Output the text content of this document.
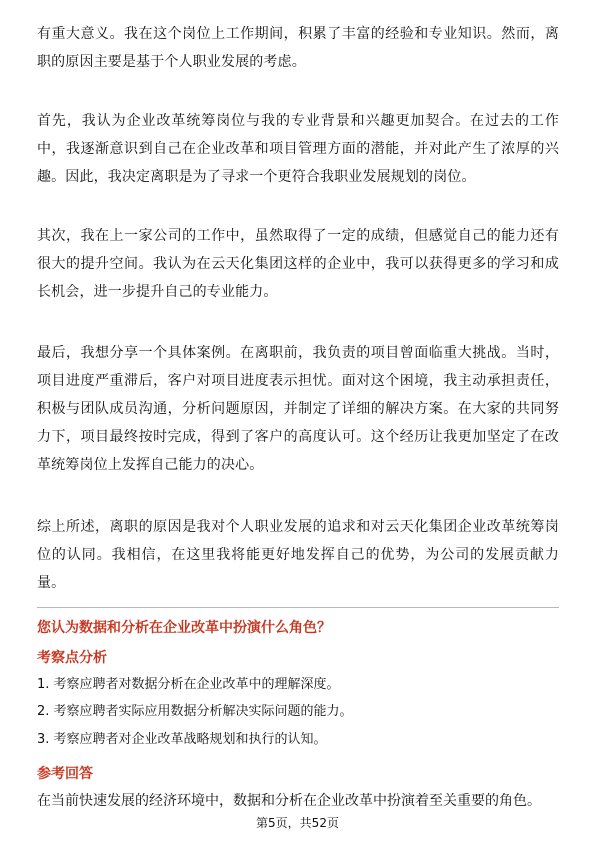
有重大意义。我在这个岗位上工作期间，积累了丰富的经验和专业知识。然而，离职的原因主要是基于个人职业发展的考虑。

首先，我认为企业改革统筹岗位与我的专业背景和兴趣更加契合。在过去的工作中，我逐渐意识到自己在企业改革和项目管理方面的潜能，并对此产生了浓厚的兴趣。因此，我决定离职是为了寻求一个更符合我职业发展规划的岗位。

其次，我在上一家公司的工作中，虽然取得了一定的成绩，但感觉自己的能力还有很大的提升空间。我认为在云天化集团这样的企业中，我可以获得更多的学习和成长机会，进一步提升自己的专业能力。

最后，我想分享一个具体案例。在离职前，我负责的项目曾面临重大挑战。当时，项目进度严重滞后，客户对项目进度表示担忧。面对这个困境，我主动承担责任，积极与团队成员沟通，分析问题原因，并制定了详细的解决方案。在大家的共同努力下，项目最终按时完成，得到了客户的高度认可。这个经历让我更加坚定了在改革统筹岗位上发挥自己能力的决心。

综上所述，离职的原因是我对个人职业发展的追求和对云天化集团企业改革统筹岗位的认同。我相信，在这里我将能更好地发挥自己的优势，为公司的发展贡献力量。

您认为数据和分析在企业改革中扮演什么角色？

考察点分析

1. 考察应聘者对数据分析在企业改革中的理解深度。

2. 考察应聘者实际应用数据分析解决实际问题的能力。

3. 考察应聘者对企业改革战略规划和执行的认知。

参考回答

在当前快速发展的经济环境中，数据和分析在企业改革中扮演着至关重要的角色。

第5页，共52页
